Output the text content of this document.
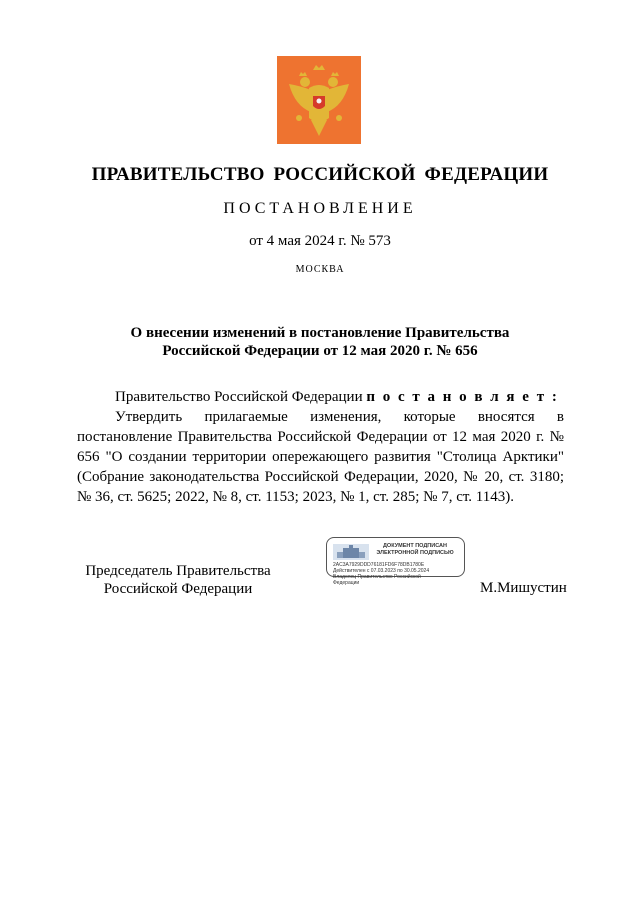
ПРАВИТЕЛЬСТВО РОССИЙСКОЙ ФЕДЕРАЦИИ
ПОСТАНОВЛЕНИЕ
от 4 мая 2024 г. № 573
МОСКВА
О внесении изменений в постановление Правительства
Российской Федерации от 12 мая 2020 г. № 656

Правительство Российской Федерации п о с т а н о в л я е т :

Утвердить прилагаемые изменения, которые вносятся в постановление Правительства Российской Федерации от 12 мая 2020 г. № 656 "О создании территории опережающего развития "Столица Арктики" (Собрание законодательства Российской Федерации, 2020, № 20, ст. 3180; № 36, ст. 5625; 2022, № 8, ст. 1153; 2023, № 1, ст. 285; № 7, ст. 1143).

Председатель Правительства
Российской Федерации
ДОКУМЕНТ ПОДПИСАН
ЭЛЕКТРОННОЙ ПОДПИСЬЮ
2AC3A7929DDD76181FD6F78DB1780E
Действителен с 07.03.2023 по 30.05.2024
Владелец Правительство Российской
Федерации	М.Мишустин
